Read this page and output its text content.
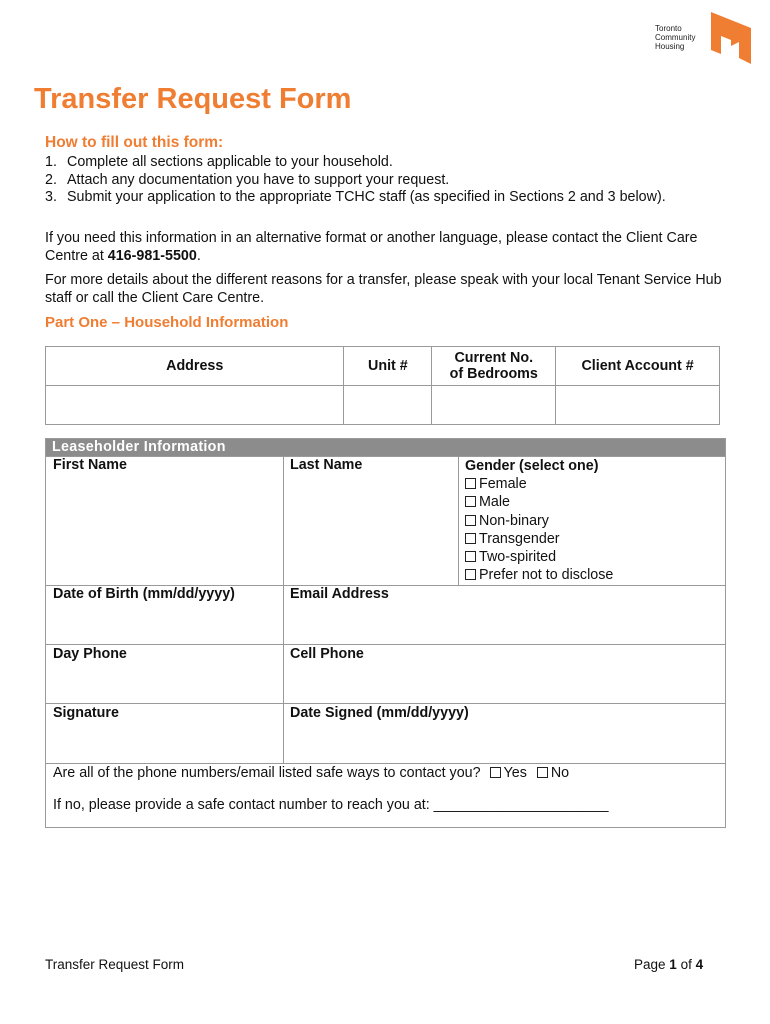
Toronto
Community
Housing
Transfer Request Form
How to fill out this form:
1. Complete all sections applicable to your household.
2. Attach any documentation you have to support your request.
3. Submit your application to the appropriate TCHC staff (as specified in Sections 2 and 3 below).

If you need this information in an alternative format or another language, please contact the Client Care Centre at 416-981-5500.

For more details about the different reasons for a transfer, please speak with your local Tenant Service Hub staff or call the Client Care Centre.

Part One – Household Information
Address	Unit #	Current No.
of Bedrooms	Client Account #

Leaseholder Information
First Name	Last Name	Gender (select one)
Female
Male
Non-binary
Transgender
Two-spirited
Prefer not to disclose
Date of Birth (mm/dd/yyyy)	Email Address
Day Phone	Cell Phone
Signature	Date Signed (mm/dd/yyyy)
Are all of the phone numbers/email listed safe ways to contact you? Yes No
If no, please provide a safe contact number to reach you at: ______________________
Transfer Request Form	Page 1 of 4
